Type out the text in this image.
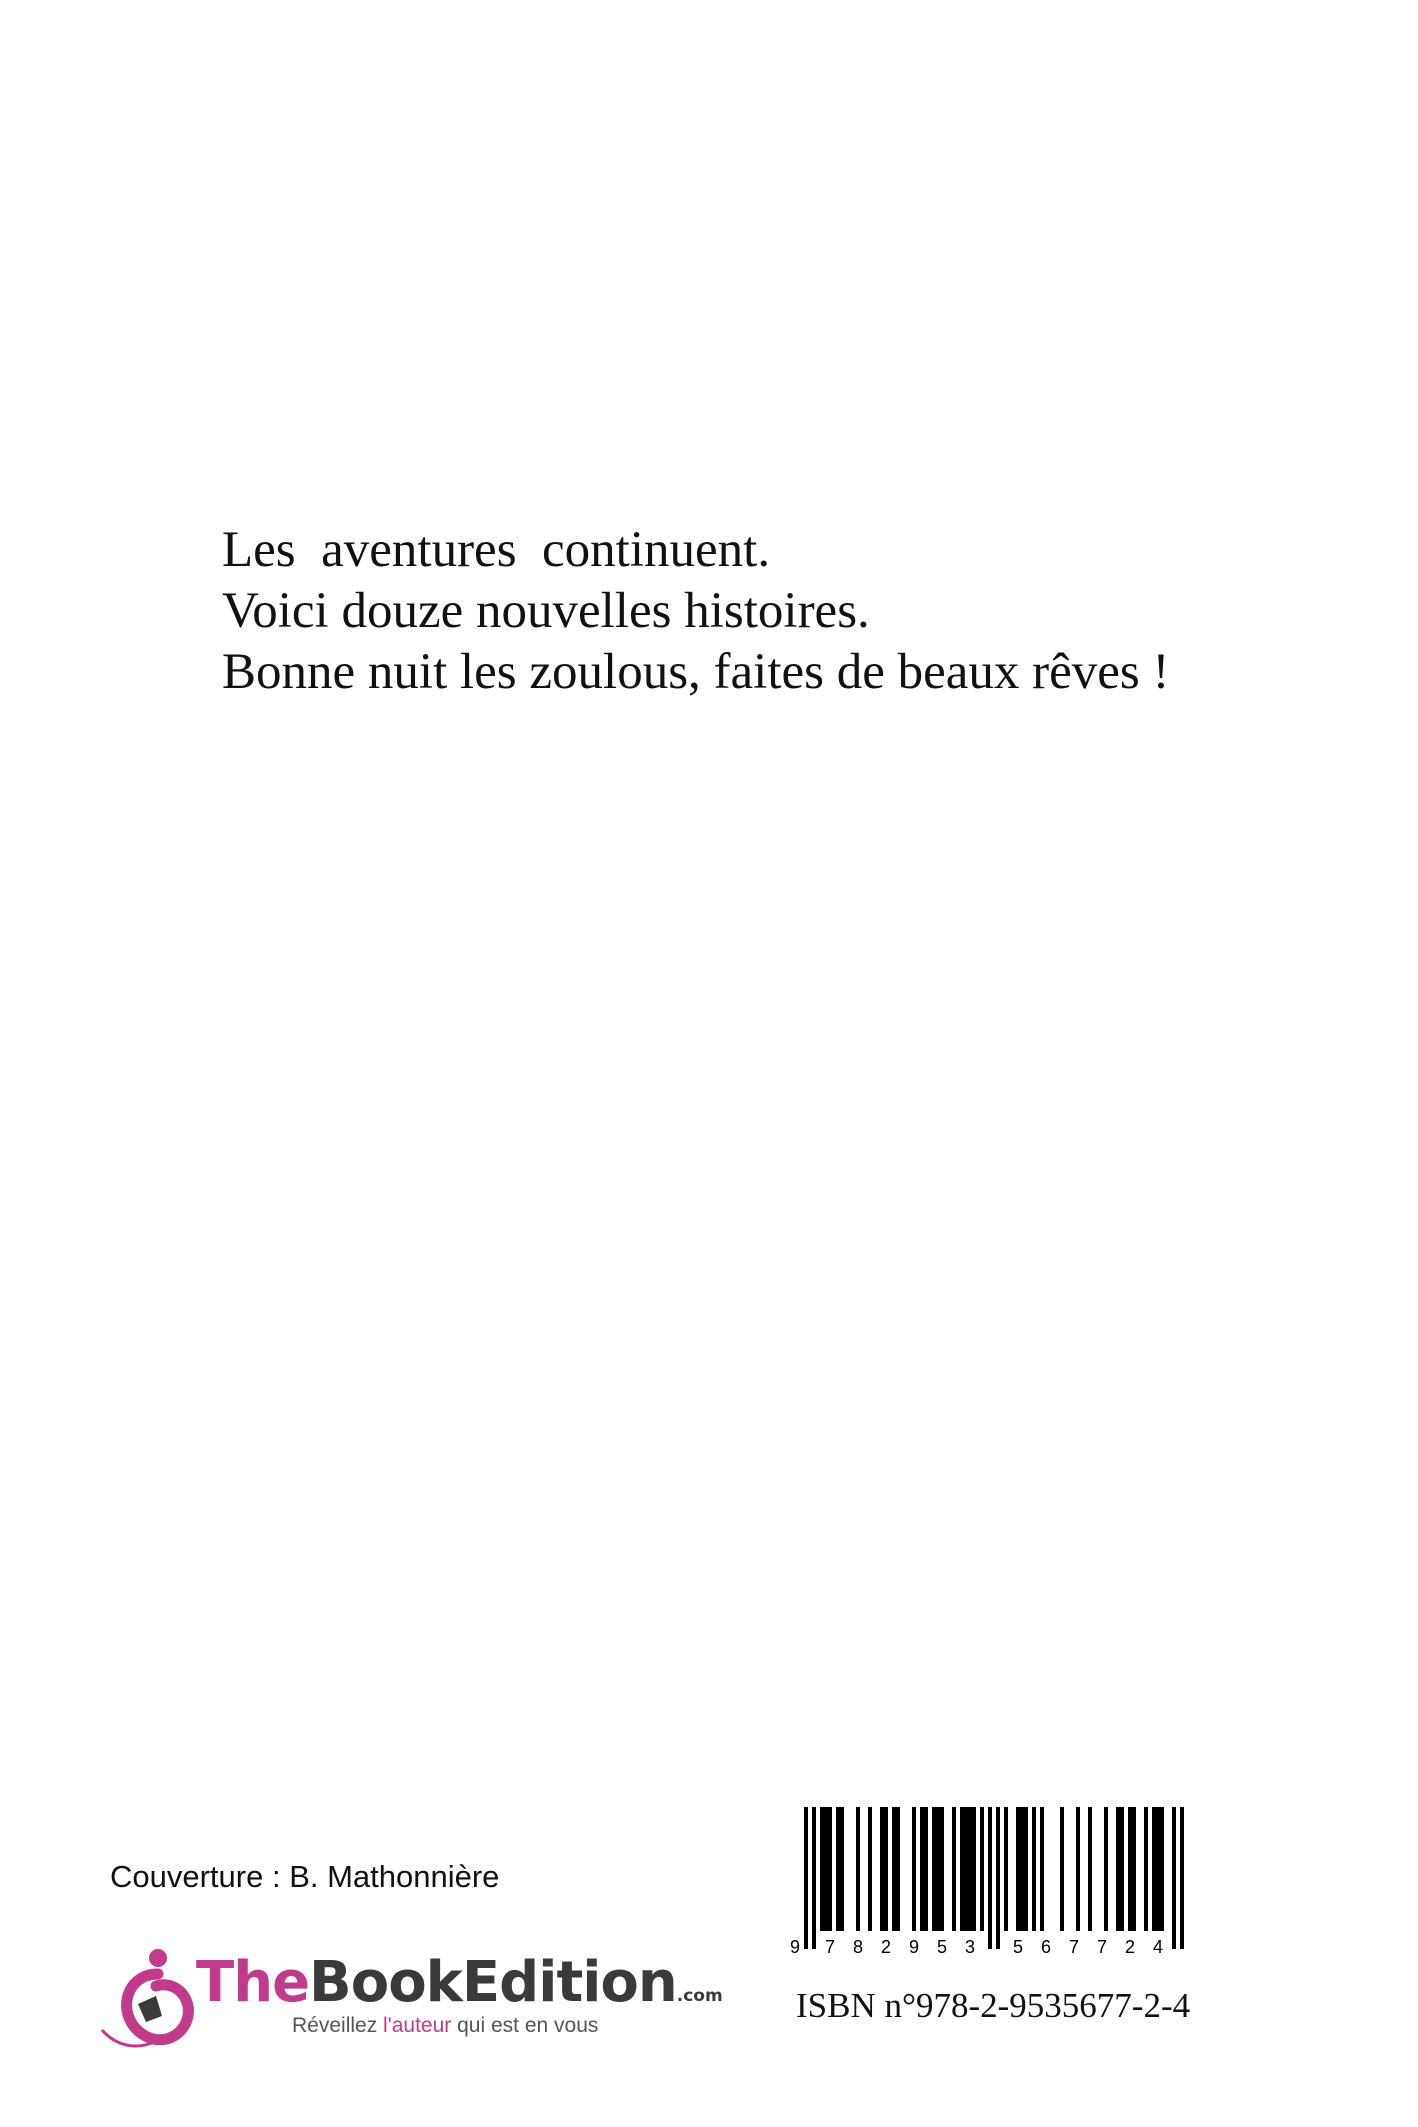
Les  aventures  continuent.

Voici douze nouvelles histoires.

Bonne nuit les zoulous, faites de beaux rêves !

Couverture : B. Mathonnière
TheBookEdition.com
Réveillez l'auteur qui est en vous
9 7 8 2 9 5 3 5 6 7 7 2 4
ISBN n°978-2-9535677-2-4
